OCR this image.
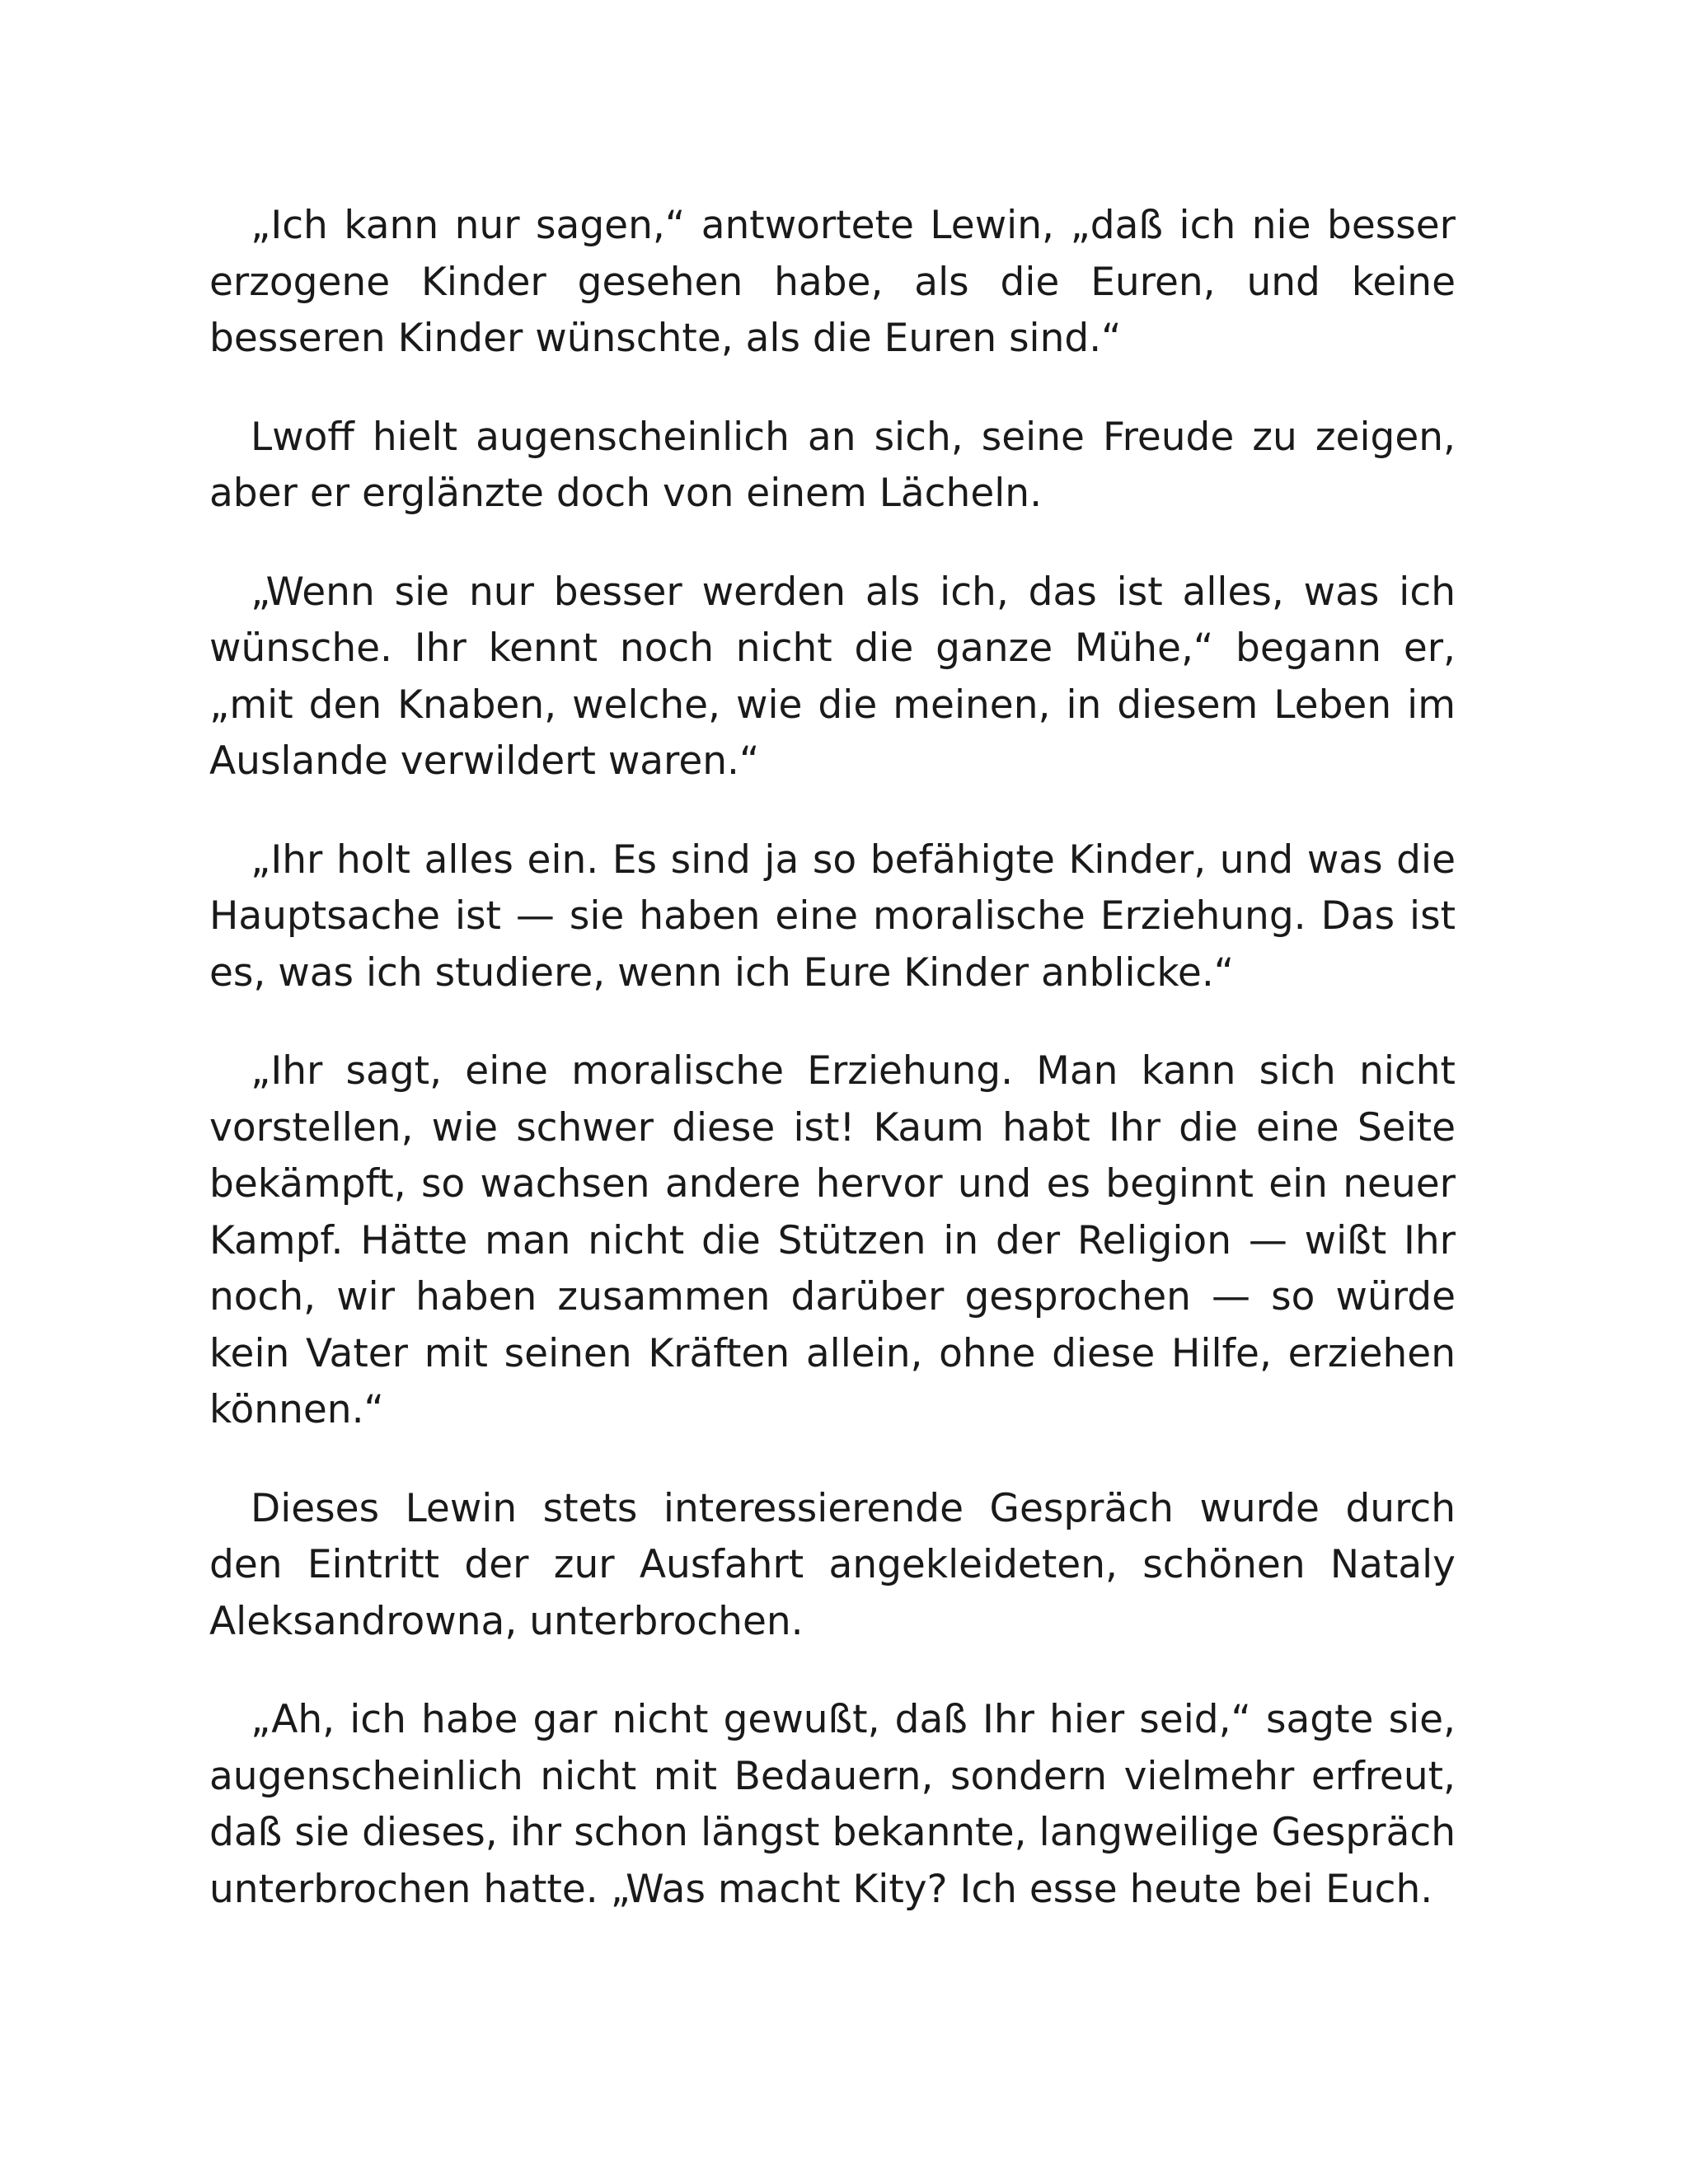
„Ich kann nur sagen,“ antwortete Lewin, „daß ich nie besser erzogene Kinder gesehen habe, als die Euren, und keine besseren Kinder wünschte, als die Euren sind.“

Lwoff hielt augenscheinlich an sich, seine Freude zu zeigen, aber er erglänzte doch von einem Lächeln.

„Wenn sie nur besser werden als ich, das ist alles, was ich wünsche. Ihr kennt noch nicht die ganze Mühe,“ begann er, „mit den Knaben, welche, wie die meinen, in diesem Leben im Auslande verwildert waren.“

„Ihr holt alles ein. Es sind ja so befähigte Kinder, und was die Hauptsache ist — sie haben eine moralische Erziehung. Das ist es, was ich studiere, wenn ich Eure Kinder anblicke.“

„Ihr sagt, eine moralische Erziehung. Man kann sich nicht vorstellen, wie schwer diese ist! Kaum habt Ihr die eine Seite bekämpft, so wachsen andere hervor und es beginnt ein neuer Kampf. Hätte man nicht die Stützen in der Religion — wißt Ihr noch, wir haben zusammen darüber gesprochen — so würde kein Vater mit seinen Kräften allein, ohne diese Hilfe, erziehen können.“

Dieses Lewin stets interessierende Gespräch wurde durch den Eintritt der zur Ausfahrt angekleideten, schönen Nataly Aleksandrowna, unterbrochen.

„Ah, ich habe gar nicht gewußt, daß Ihr hier seid,“ sagte sie, augenscheinlich nicht mit Bedauern, sondern vielmehr erfreut, daß sie dieses, ihr schon längst bekannte, langweilige Gespräch unterbrochen hatte. „Was macht Kity? Ich esse heute bei Euch.
